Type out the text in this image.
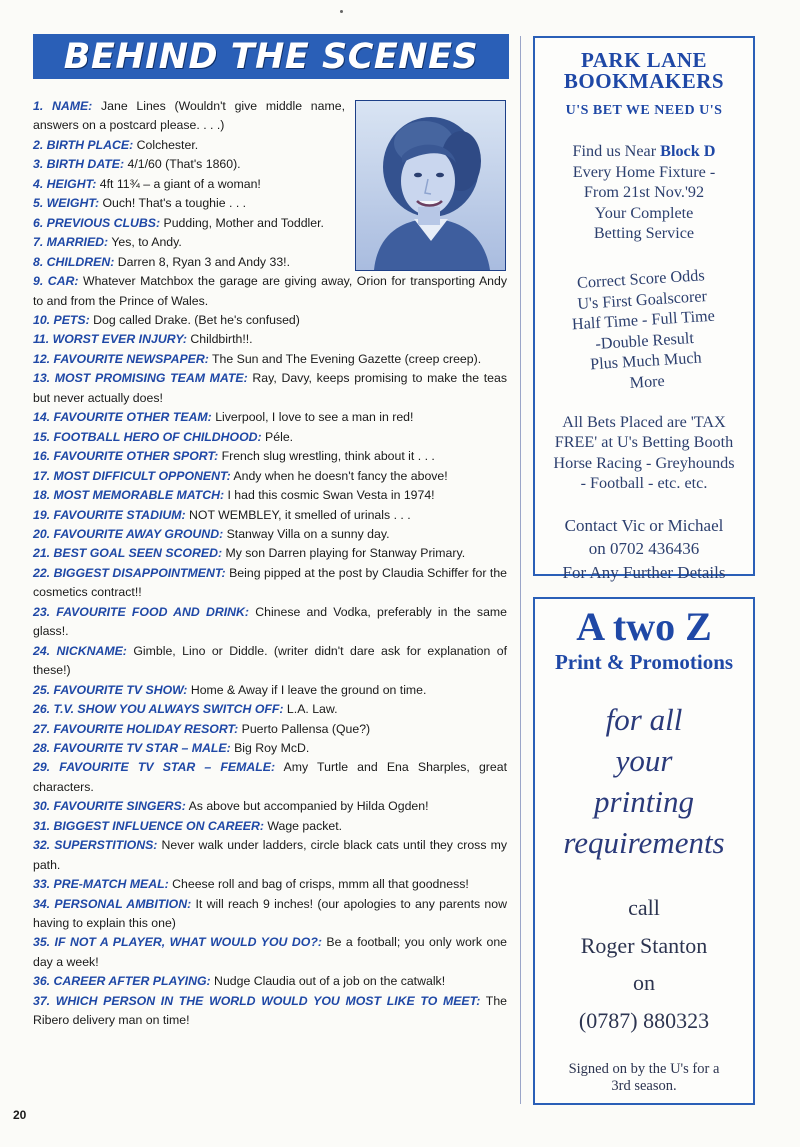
BEHIND THE SCENES

1. NAME: Jane Lines (Wouldn't give middle name, answers on a postcard please. . . .)

2. BIRTH PLACE: Colchester.

3. BIRTH DATE: 4/1/60 (That's 1860).

4. HEIGHT: 4ft 11¾ – a giant of a woman!

5. WEIGHT: Ouch! That's a toughie . . .

6. PREVIOUS CLUBS: Pudding, Mother and Toddler.

7. MARRIED: Yes, to Andy.

8. CHILDREN: Darren 8, Ryan 3 and Andy 33!.

9. CAR: Whatever Matchbox the garage are giving away, Orion for transporting Andy to and from the Prince of Wales.

10. PETS: Dog called Drake. (Bet he's confused)

11. WORST EVER INJURY: Childbirth!!.

12. FAVOURITE NEWSPAPER: The Sun and The Evening Gazette (creep creep).

13. MOST PROMISING TEAM MATE: Ray, Davy, keeps promising to make the teas but never actually does!

14. FAVOURITE OTHER TEAM: Liverpool, I love to see a man in red!

15. FOOTBALL HERO OF CHILDHOOD: Péle.

16. FAVOURITE OTHER SPORT: French slug wrestling, think about it . . .

17. MOST DIFFICULT OPPONENT: Andy when he doesn't fancy the above!

18. MOST MEMORABLE MATCH: I had this cosmic Swan Vesta in 1974!

19. FAVOURITE STADIUM: NOT WEMBLEY, it smelled of urinals . . .

20. FAVOURITE AWAY GROUND: Stanway Villa on a sunny day.

21. BEST GOAL SEEN SCORED: My son Darren playing for Stanway Primary.

22. BIGGEST DISAPPOINTMENT: Being pipped at the post by Claudia Schiffer for the cosmetics contract!!

23. FAVOURITE FOOD AND DRINK: Chinese and Vodka, preferably in the same glass!.

24. NICKNAME: Gimble, Lino or Diddle. (writer didn't dare ask for explanation of these!)

25. FAVOURITE TV SHOW: Home & Away if I leave the ground on time.

26. T.V. SHOW YOU ALWAYS SWITCH OFF: L.A. Law.

27. FAVOURITE HOLIDAY RESORT: Puerto Pallensa (Que?)

28. FAVOURITE TV STAR – MALE: Big Roy McD.

29. FAVOURITE TV STAR – FEMALE: Amy Turtle and Ena Sharples, great characters.

30. FAVOURITE SINGERS: As above but accompanied by Hilda Ogden!

31. BIGGEST INFLUENCE ON CAREER: Wage packet.

32. SUPERSTITIONS: Never walk under ladders, circle black cats until they cross my path.

33. PRE-MATCH MEAL: Cheese roll and bag of crisps, mmm all that goodness!

34. PERSONAL AMBITION: It will reach 9 inches! (our apologies to any parents now having to explain this one)

35. IF NOT A PLAYER, WHAT WOULD YOU DO?: Be a football; you only work one day a week!

36. CAREER AFTER PLAYING: Nudge Claudia out of a job on the catwalk!

37. WHICH PERSON IN THE WORLD WOULD YOU MOST LIKE TO MEET: The Ribero delivery man on time!

20
PARK LANE
BOOKMAKERS
U'S BET WE NEED U'S
Find us Near Block D
Every Home Fixture -
From 21st Nov.'92
Your Complete
Betting Service
Correct Score Odds
U's First Goalscorer
Half Time - Full Time
-Double Result
Plus Much Much
More
All Bets Placed are 'TAX
FREE' at U's Betting Booth
Horse Racing - Greyhounds
- Football - etc. etc.
Contact Vic or Michael
on 0702 436436
For Any Further Details
A two Z
Print & Promotions
for all
your
printing
requirements
call
Roger Stanton
on
(0787) 880323
Signed on by the U's for a
3rd season.
